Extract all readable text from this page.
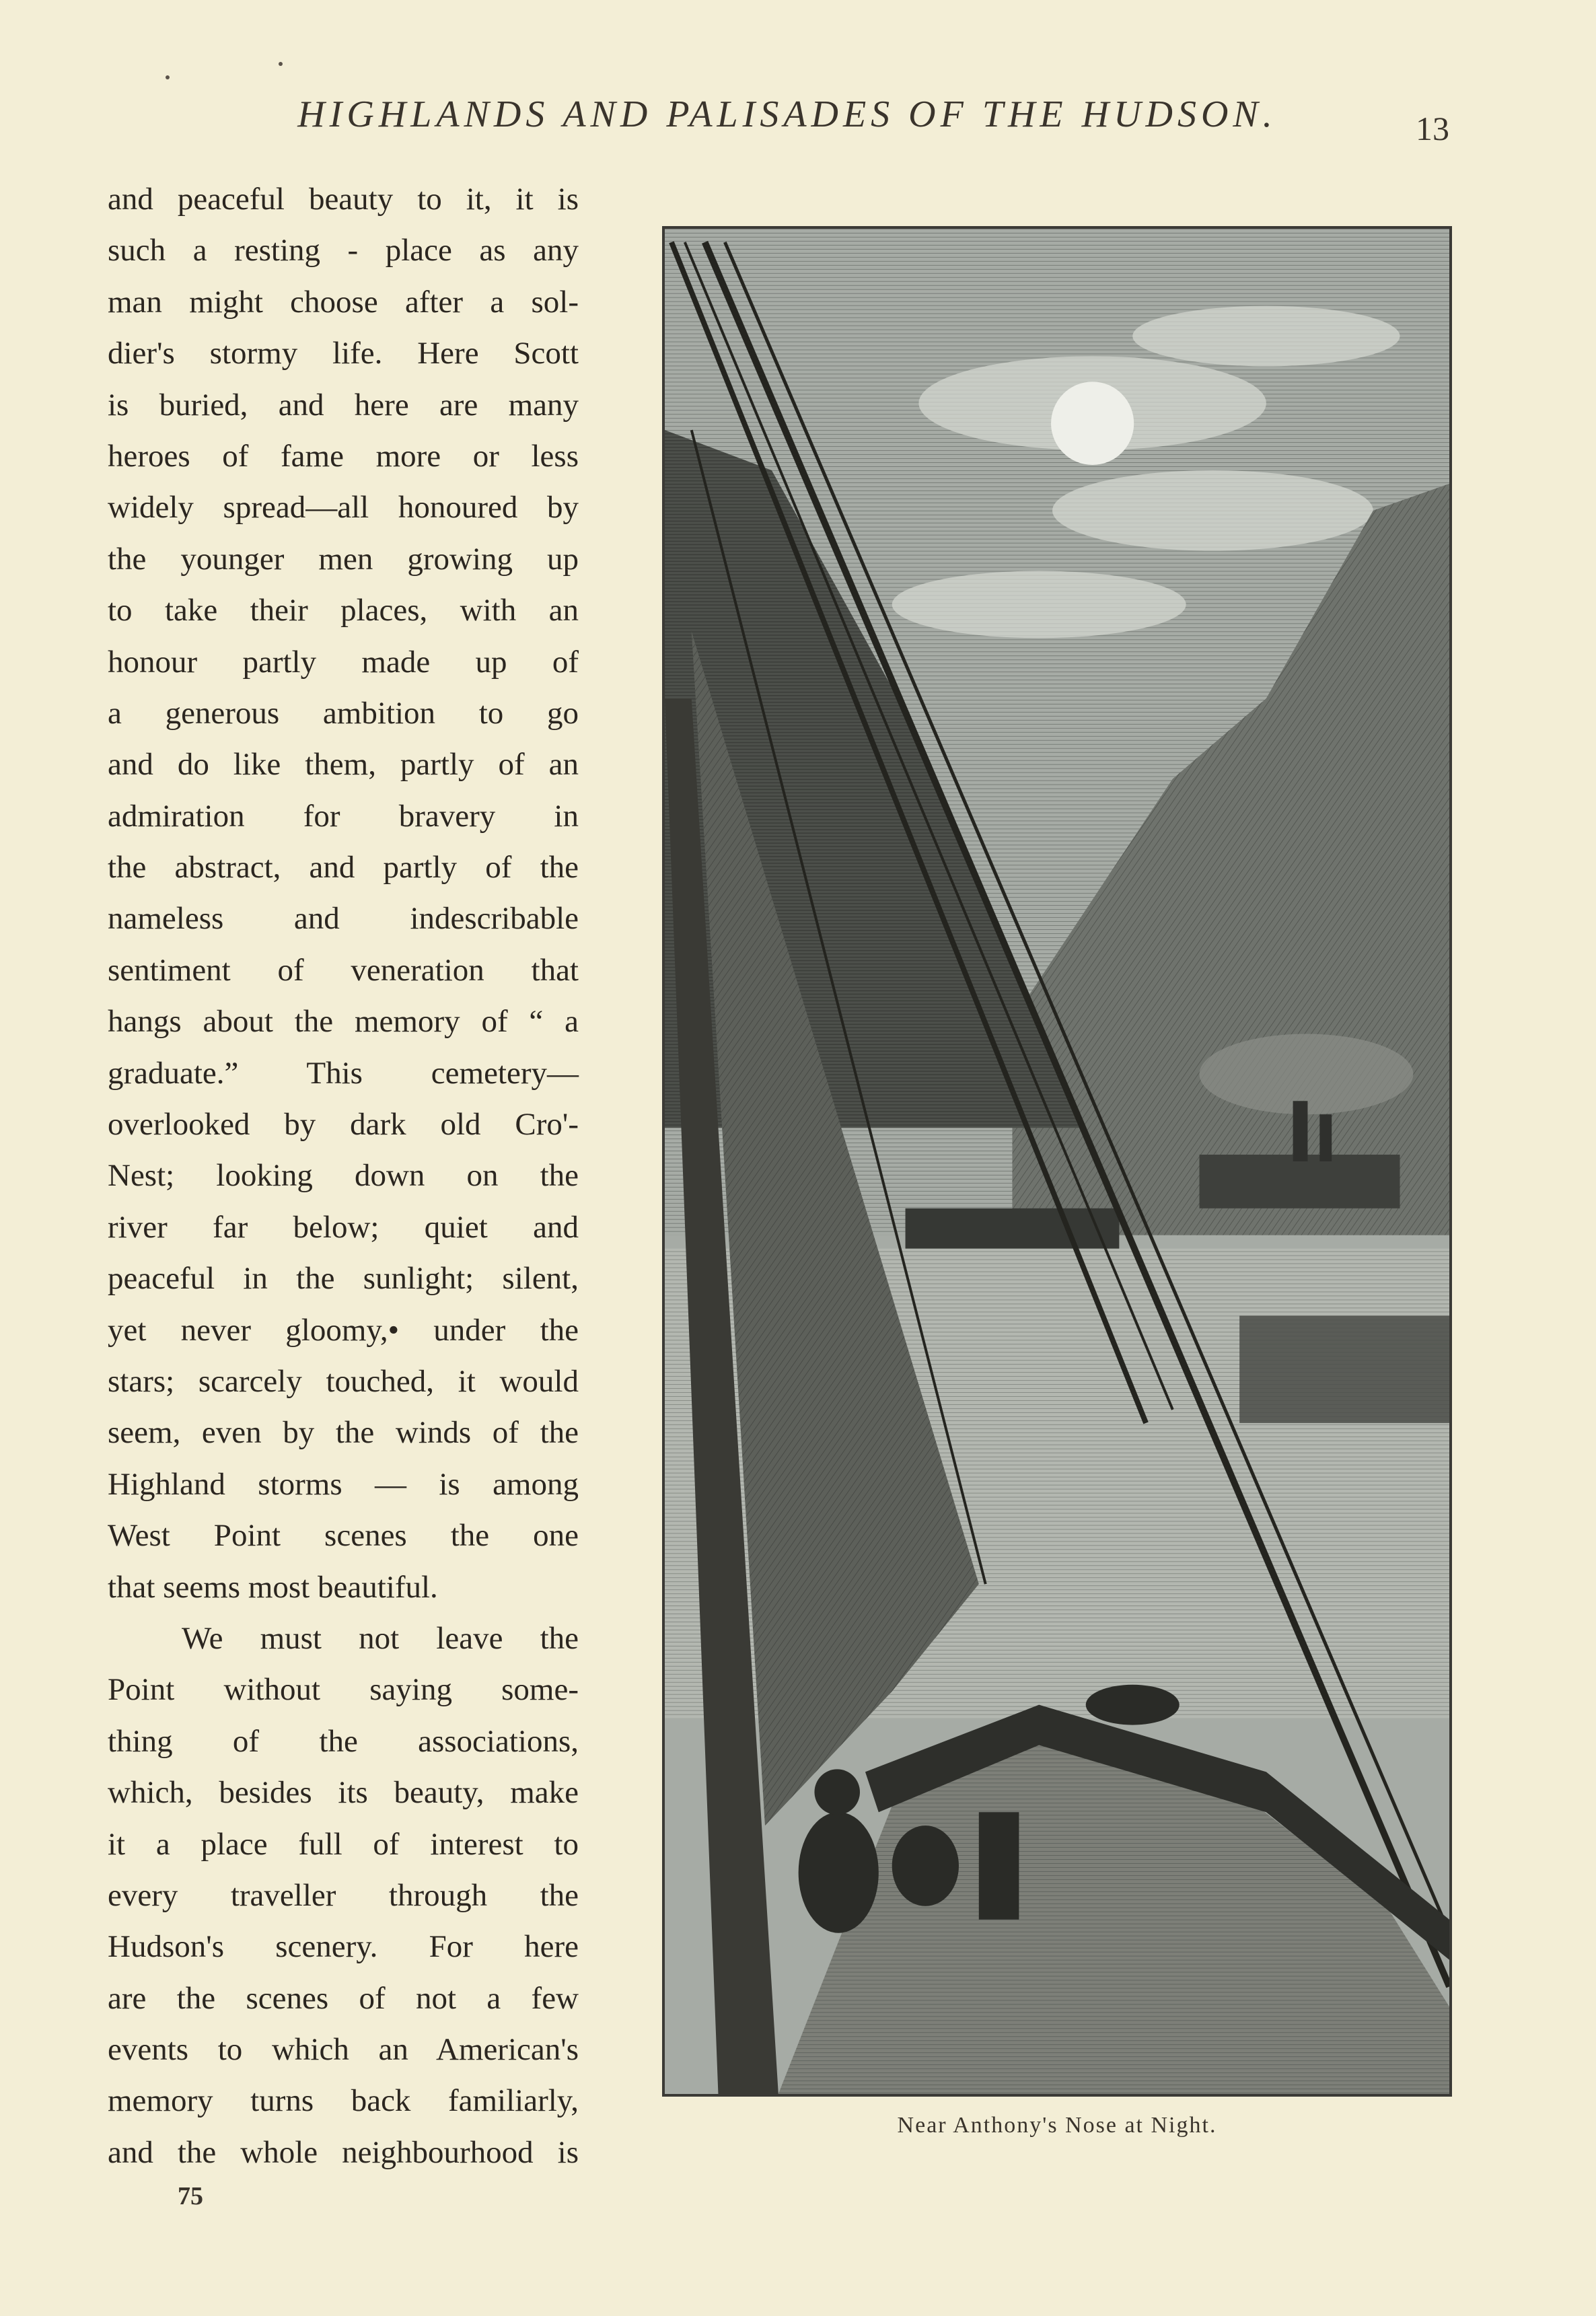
HIGHLANDS AND PALISADES OF THE HUDSON.	13
and peaceful beauty to it, it is
such a resting - place as any
man might choose after a sol-
dier's stormy life. Here Scott
is buried, and here are many
heroes of fame more or less
widely spread—all honoured by
the younger men growing up
to take their places, with an
honour partly made up of
a generous ambition to go
and do like them, partly of an
admiration for bravery in
the abstract, and partly of the
nameless and indescribable
sentiment of veneration that
hangs about the memory of “ a
graduate.” This cemetery—
overlooked by dark old Cro'-
Nest; looking down on the
river far below; quiet and
peaceful in the sunlight; silent,
yet never gloomy,• under the
stars; scarcely touched, it would
seem, even by the winds of the
Highland storms — is among
West Point scenes the one
that seems most beautiful.
We must not leave the
Point without saying some-
thing of the associations,
which, besides its beauty, make
it a place full of interest to
every traveller through the
Hudson's scenery. For here
are the scenes of not a few
events to which an American's
memory turns back familiarly,
and the whole neighbourhood is
75
Near Anthony's Nose at Night.
